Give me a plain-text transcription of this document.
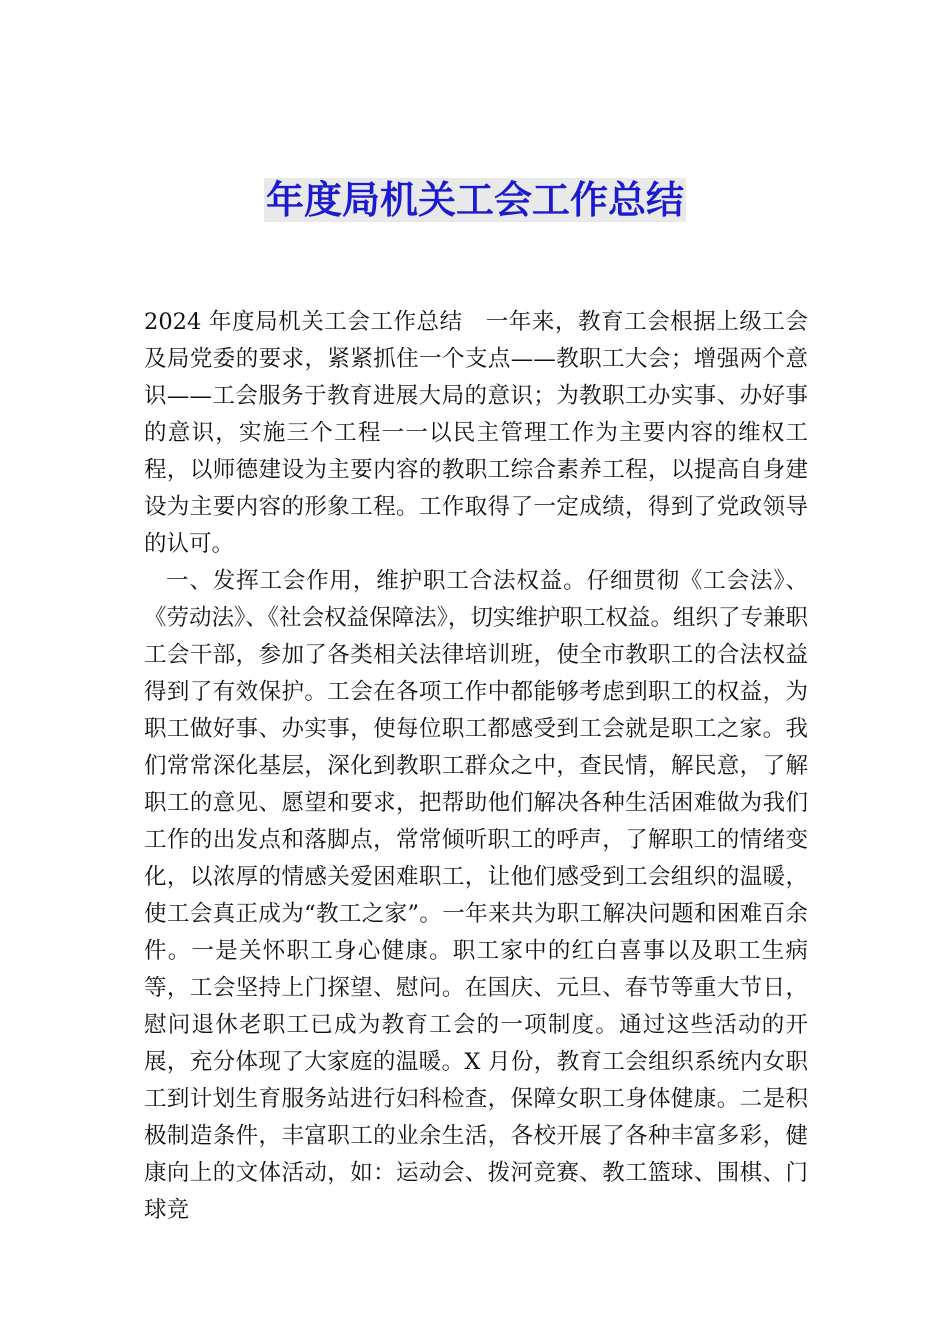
年度局机关工会工作总结

2024 年度局机关工会工作总结　一年来，教育工会根据上级工会及局党委的要求，紧紧抓住一个支点——教职工大会；增强两个意识——工会服务于教育进展大局的意识；为教职工办实事、办好事的意识，实施三个工程一一以民主管理工作为主要内容的维权工程，以师德建设为主要内容的教职工综合素养工程，以提高自身建设为主要内容的形象工程。工作取得了一定成绩，得到了党政领导的认可。

一、发挥工会作用，维护职工合法权益。仔细贯彻《工会法》、《劳动法》、《社会权益保障法》，切实维护职工权益。组织了专兼职工会干部，参加了各类相关法律培训班，使全市教职工的合法权益得到了有效保护。工会在各项工作中都能够考虑到职工的权益，为职工做好事、办实事，使每位职工都感受到工会就是职工之家。我们常常深化基层，深化到教职工群众之中，查民情，解民意，了解职工的意见、愿望和要求，把帮助他们解决各种生活困难做为我们工作的出发点和落脚点，常常倾听职工的呼声，了解职工的情绪变化，以浓厚的情感关爱困难职工，让他们感受到工会组织的温暖，使工会真正成为“教工之家”。一年来共为职工解决问题和困难百余件。一是关怀职工身心健康。职工家中的红白喜事以及职工生病等，工会坚持上门探望、慰问。在国庆、元旦、春节等重大节日，慰问退休老职工已成为教育工会的一项制度。通过这些活动的开展，充分体现了大家庭的温暖。X 月份，教育工会组织系统内女职工到计划生育服务站进行妇科检查，保障女职工身体健康。二是积极制造条件，丰富职工的业余生活，各校开展了各种丰富多彩，健康向上的文体活动，如：运动会、拨河竞赛、教工篮球、围棋、门球竞
